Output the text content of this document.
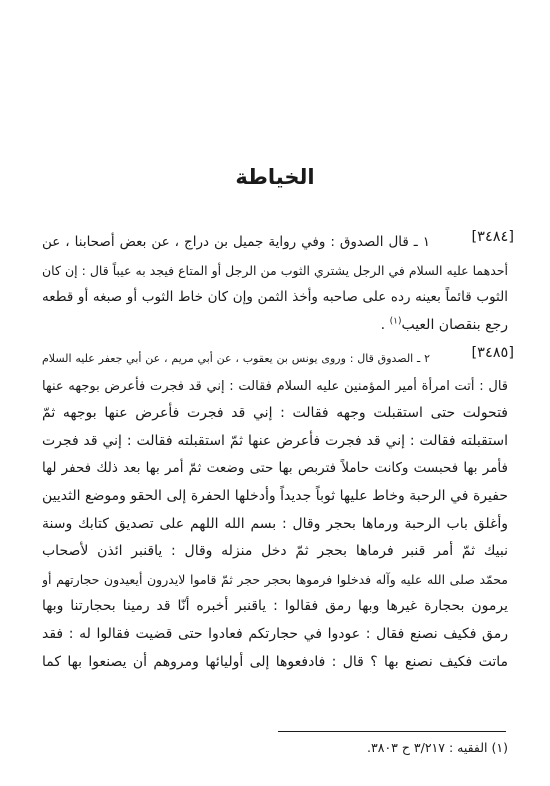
الخياطة
[٣٤٨٤]
١ ـ قال الصدوق : وفي رواية جميل بن دراج ، عن بعض أصحابنا ، عن
أحدهما عليه السلام في الرجل يشتري الثوب من الرجل أو المتاع فيجد به عيباً قال : إن كان
الثوب قائماً بعينه رده على صاحبه وأخذ الثمن وإن كان خاط الثوب أو صبغه أو قطعه
رجع بنقصان العيب$^{(١)}$ .
[٣٤٨٥]
٢ ـ الصدوق قال : وروى يونس بن يعقوب ، عن أبي مريم ، عن أبي جعفر عليه السلام
قال : أتت امرأة أمير المؤمنين عليه السلام فقالت : إني قد فجرت فأعرض بوجهه عنها
فتحولت حتى استقبلت وجهه فقالت : إني قد فجرت فأعرض عنها بوجهه ثمّ
استقبلته فقالت : إني قد فجرت فأعرض عنها ثمّ استقبلته فقالت : إني قد فجرت
فأمر بها فحبست وكانت حاملاً فتربص بها حتى وضعت ثمّ أمر بها بعد ذلك فحفر لها
حفيرة في الرحبة وخاط عليها ثوباً جديداً وأدخلها الحفرة إلى الحقو وموضع الثديين
وأغلق باب الرحبة ورماها بحجر وقال : بسم الله اللهم على تصديق كتابك وسنة
نبيك ثمّ أمر قنبر فرماها بحجر ثمّ دخل منزله وقال : ياقنبر ائذن لأصحاب
محمّد صلى الله عليه وآله فدخلوا فرموها بحجر حجر ثمّ قاموا لايدرون أيعيدون حجارتهم أو
يرمون بحجارة غيرها وبها رمق فقالوا : ياقنبر أخبره أنّا قد رمينا بحجارتنا وبها
رمق فكيف نصنع فقال : عودوا في حجارتكم فعادوا حتى قضيت فقالوا له : فقد
ماتت فكيف نصنع بها ؟ قال : فادفعوها إلى أوليائها ومروهم أن يصنعوا بها كما
(١) الفقيه : ٣/٢١٧ ح ٣٨٠٣.
